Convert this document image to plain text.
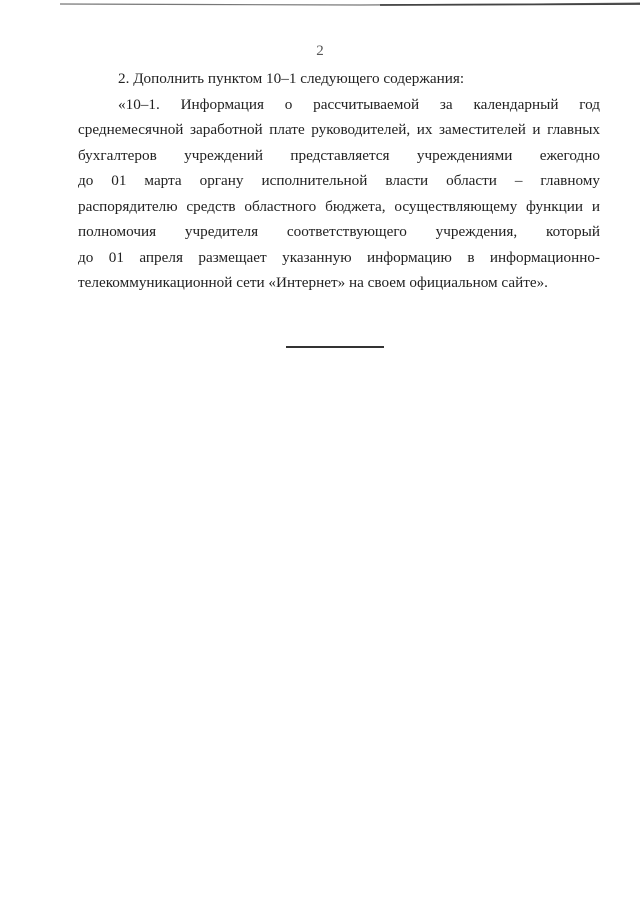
2
2. Дополнить пунктом 10–1 следующего содержания:
«10–1. Информация о рассчитываемой за календарный год
среднемесячной заработной плате руководителей, их заместителей и главных
бухгалтеров учреждений представляется учреждениями ежегодно
до 01 марта органу исполнительной власти области – главному
распорядителю средств областного бюджета, осуществляющему функции и
полномочия учредителя соответствующего учреждения, который
до 01 апреля размещает указанную информацию в информационно-
телекоммуникационной сети «Интернет» на своем официальном сайте».
